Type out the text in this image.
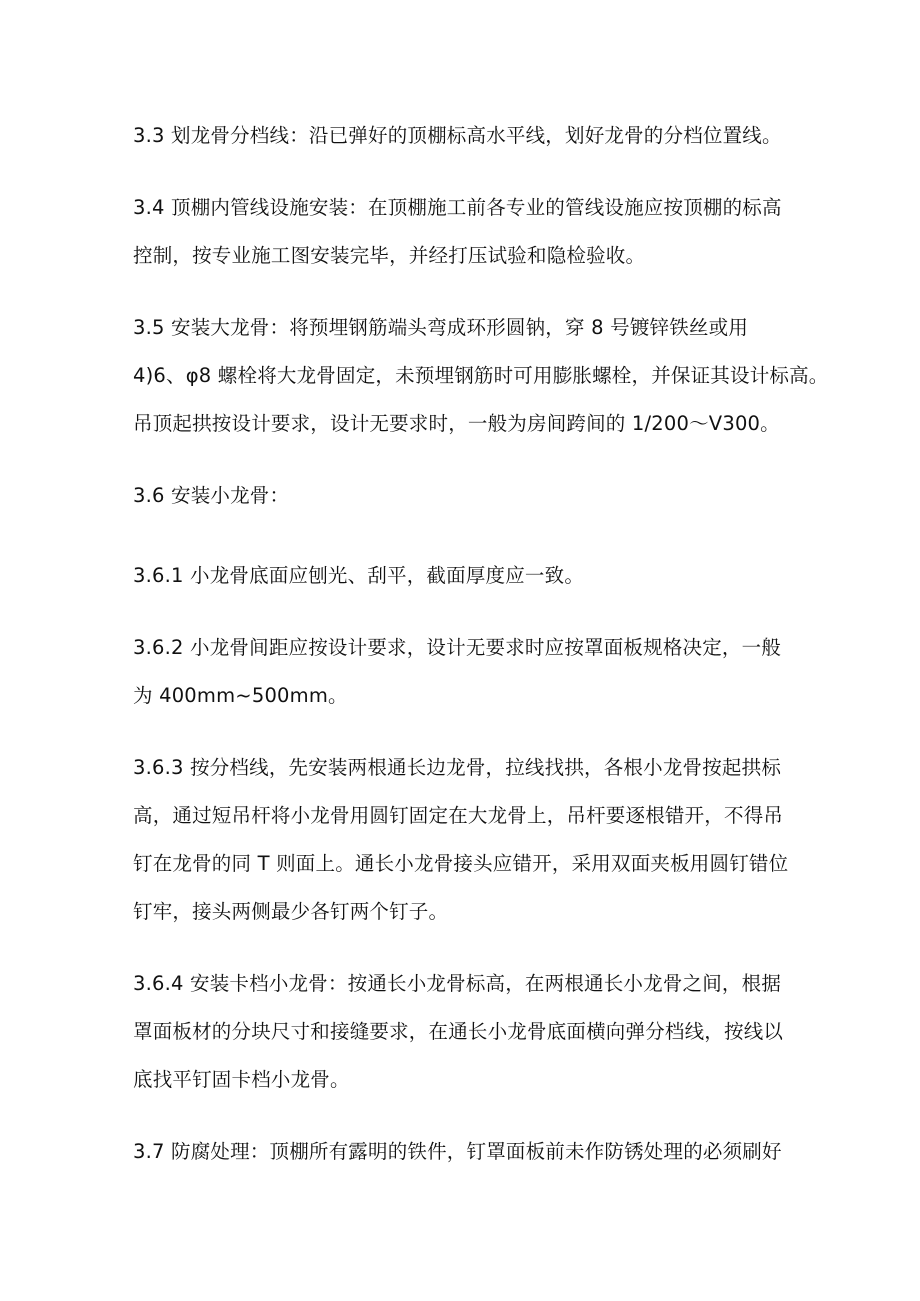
3.3 划龙骨分档线：沿已弹好的顶棚标高水平线，划好龙骨的分档位置线。
3.4 顶棚内管线设施安装：在顶棚施工前各专业的管线设施应按顶棚的标高
控制，按专业施工图安装完毕，并经打压试验和隐检验收。
3.5 安装大龙骨：将预埋钢筋端头弯成环形圆钠，穿 8 号镀锌铁丝或用
4)6、φ8 螺栓将大龙骨固定，未预埋钢筋时可用膨胀螺栓，并保证其设计标高。
吊顶起拱按设计要求，设计无要求时，一般为房间跨间的 1/200～V300。
3.6 安装小龙骨：
3.6.1 小龙骨底面应刨光、刮平，截面厚度应一致。
3.6.2 小龙骨间距应按设计要求，设计无要求时应按罩面板规格决定，一般
为 400mm~500mm。
3.6.3 按分档线，先安装两根通长边龙骨，拉线找拱，各根小龙骨按起拱标
高，通过短吊杆将小龙骨用圆钉固定在大龙骨上，吊杆要逐根错开，不得吊
钉在龙骨的同 T 则面上。通长小龙骨接头应错开，采用双面夹板用圆钉错位
钉牢，接头两侧最少各钉两个钉子。
3.6.4 安装卡档小龙骨：按通长小龙骨标高，在两根通长小龙骨之间，根据
罩面板材的分块尺寸和接缝要求，在通长小龙骨底面横向弹分档线，按线以
底找平钉固卡档小龙骨。
3.7 防腐处理：顶棚所有露明的铁件，钉罩面板前未作防锈处理的必须刷好
